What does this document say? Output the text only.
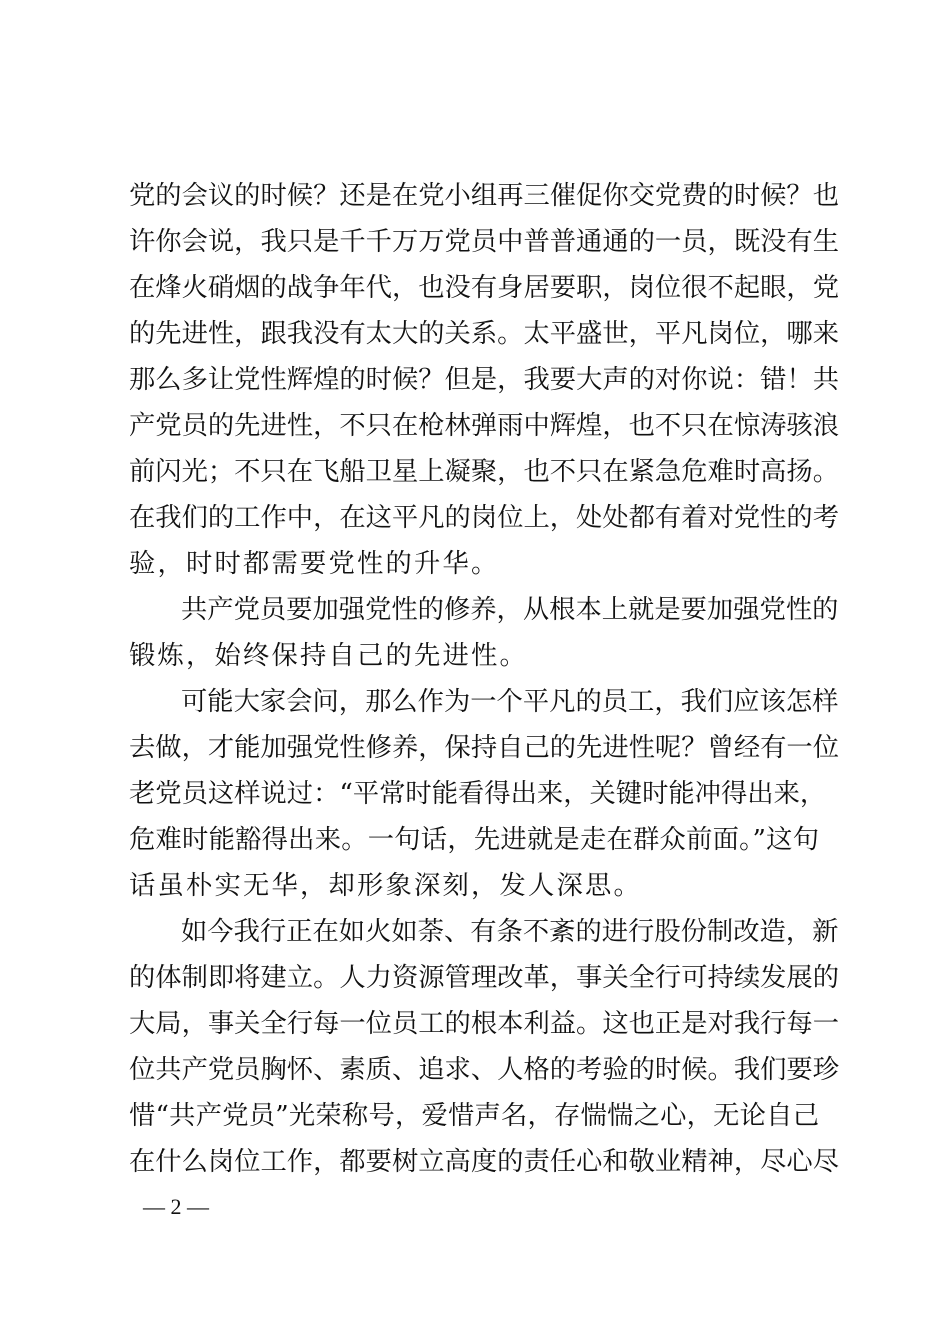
党的会议的时候？还是在党小组再三催促你交党费的时候？也
许你会说，我只是千千万万党员中普普通通的一员，既没有生
在烽火硝烟的战争年代，也没有身居要职，岗位很不起眼，党
的先进性，跟我没有太大的关系。太平盛世，平凡岗位，哪来
那么多让党性辉煌的时候？但是，我要大声的对你说：错！共
产党员的先进性，不只在枪林弹雨中辉煌，也不只在惊涛骇浪
前闪光；不只在飞船卫星上凝聚，也不只在紧急危难时高扬。
在我们的工作中，在这平凡的岗位上，处处都有着对党性的考
验，时时都需要党性的升华。
共产党员要加强党性的修养，从根本上就是要加强党性的
锻炼，始终保持自己的先进性。
可能大家会问，那么作为一个平凡的员工，我们应该怎样
去做，才能加强党性修养，保持自己的先进性呢？曾经有一位
老党员这样说过：“平常时能看得出来，关键时能冲得出来，
危难时能豁得出来。一句话，先进就是走在群众前面。”这句
话虽朴实无华，却形象深刻，发人深思。
如今我行正在如火如荼、有条不紊的进行股份制改造，新
的体制即将建立。人力资源管理改革，事关全行可持续发展的
大局，事关全行每一位员工的根本利益。这也正是对我行每一
位共产党员胸怀、素质、追求、人格的考验的时候。我们要珍
惜“共产党员”光荣称号，爱惜声名，存惴惴之心，无论自己
在什么岗位工作，都要树立高度的责任心和敬业精神，尽心尽
— 2 —
